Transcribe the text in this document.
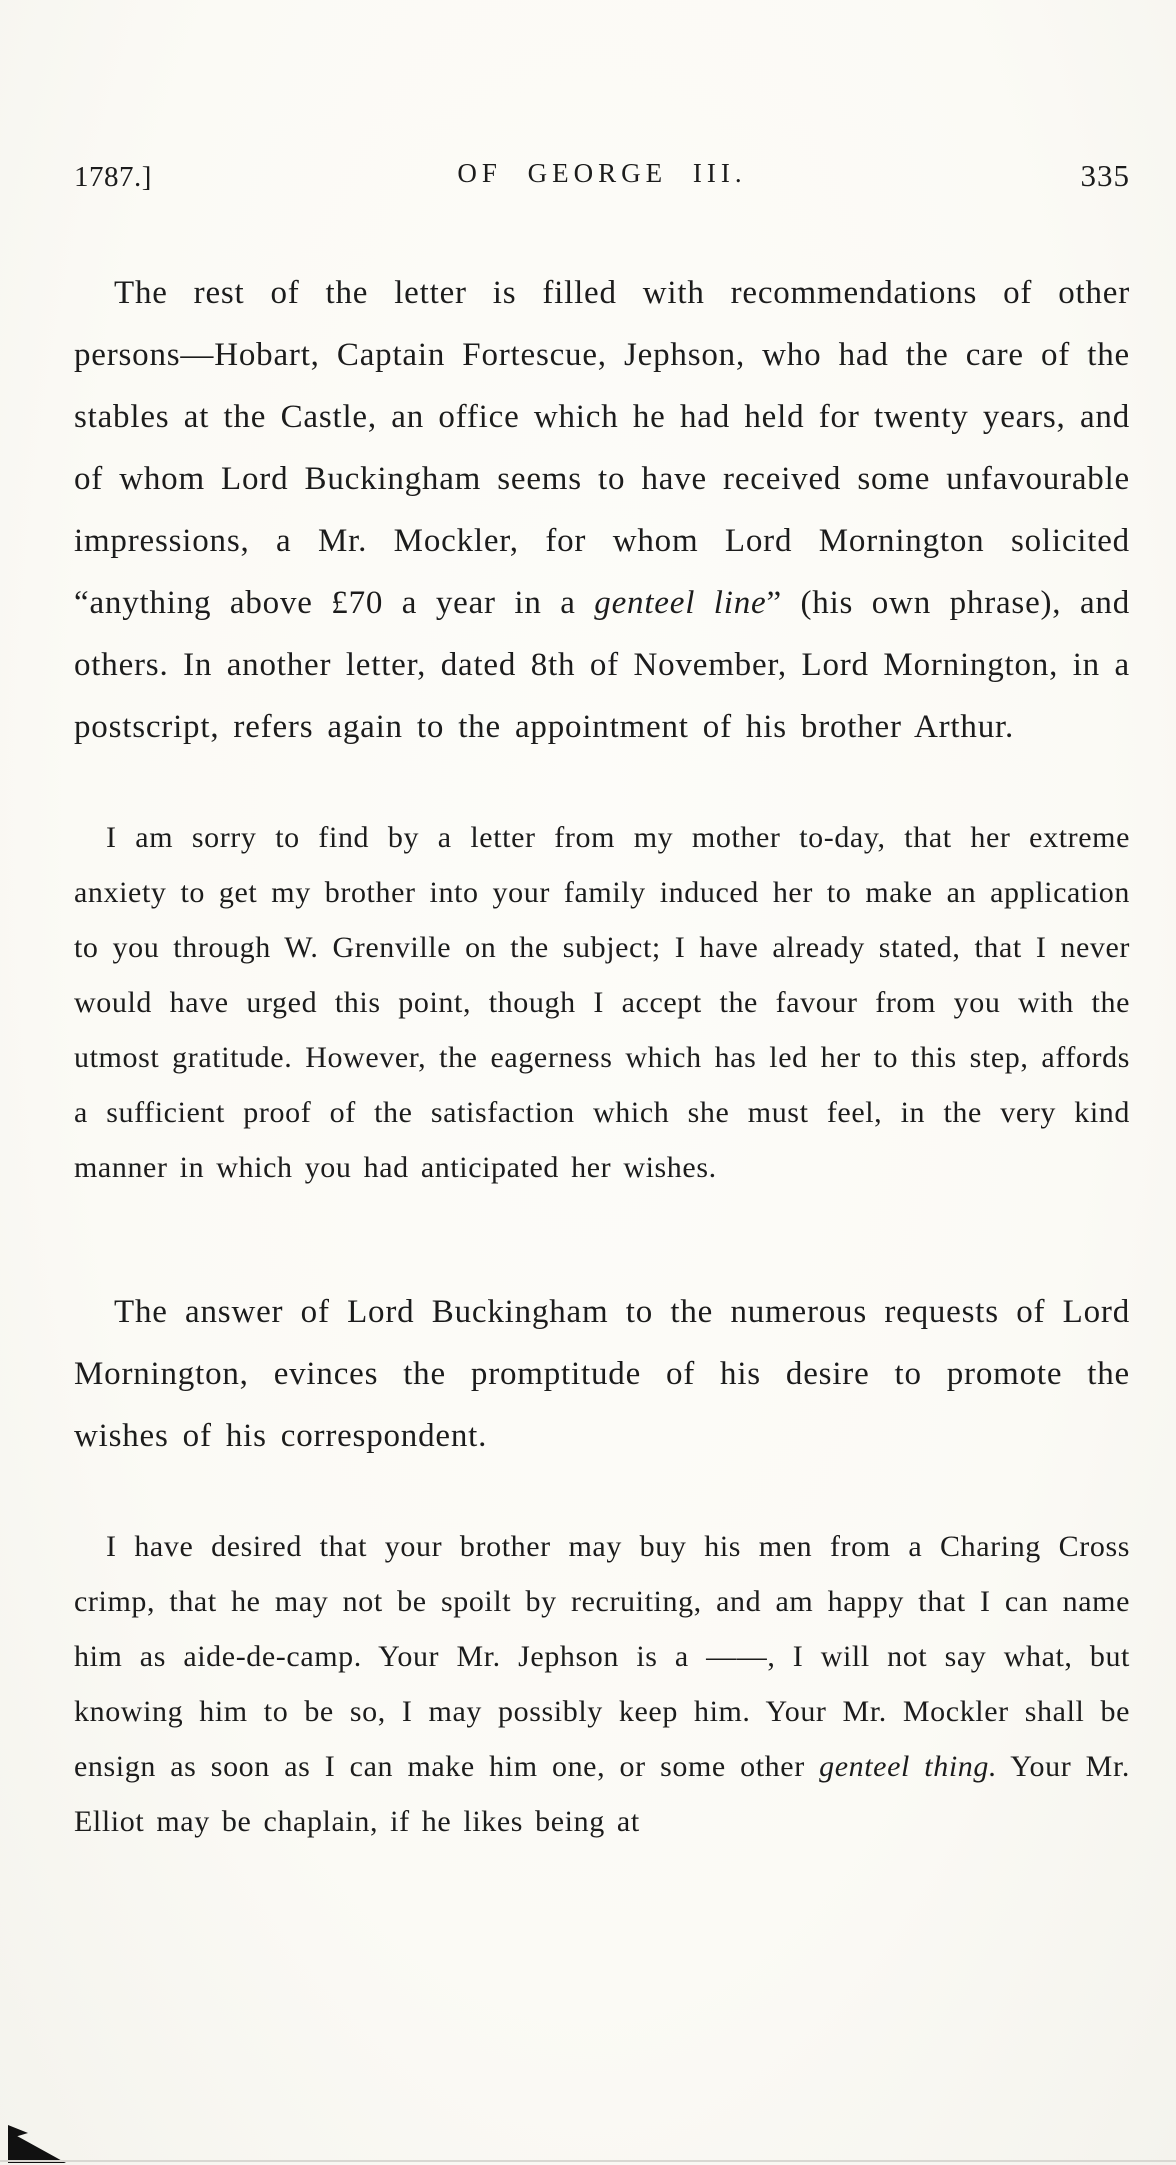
1787.]	OF GEORGE III.	335

The rest of the letter is filled with recommendations of other persons—Hobart, Captain Fortescue, Jephson, who had the care of the stables at the Castle, an office which he had held for twenty years, and of whom Lord Buckingham seems to have received some unfavourable impressions, a Mr. Mockler, for whom Lord Mornington solicited “anything above £70 a year in a genteel line” (his own phrase), and others. In another letter, dated 8th of November, Lord Mornington, in a postscript, refers again to the appointment of his brother Arthur.

I am sorry to find by a letter from my mother to-day, that her extreme anxiety to get my brother into your family induced her to make an application to you through W. Grenville on the subject; I have already stated, that I never would have urged this point, though I accept the favour from you with the utmost gratitude. However, the eagerness which has led her to this step, affords a sufficient proof of the satisfaction which she must feel, in the very kind manner in which you had anticipated her wishes.

The answer of Lord Buckingham to the numerous requests of Lord Mornington, evinces the promptitude of his desire to promote the wishes of his correspondent.

I have desired that your brother may buy his men from a Charing Cross crimp, that he may not be spoilt by recruiting, and am happy that I can name him as aide-de-camp. Your Mr. Jephson is a ——, I will not say what, but knowing him to be so, I may possibly keep him. Your Mr. Mockler shall be ensign as soon as I can make him one, or some other genteel thing. Your Mr. Elliot may be chaplain, if he likes being at
